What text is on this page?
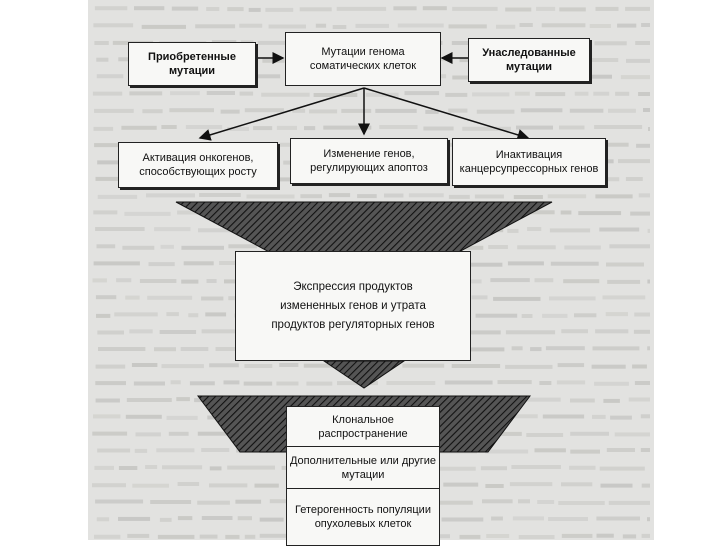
Приобретенные мутации
Мутации генома соматических клеток
Унаследованные мутации
Активация онкогенов, способствующих росту
Изменение генов, регулирующих апоптоз
Инактивация канцерсупрессорных генов
Экспрессия продуктов измененных генов и утрата продуктов регуляторных генов
Клональное распространение
Дополнительные или другие мутации
Гетерогенность популяции опухолевых клеток
